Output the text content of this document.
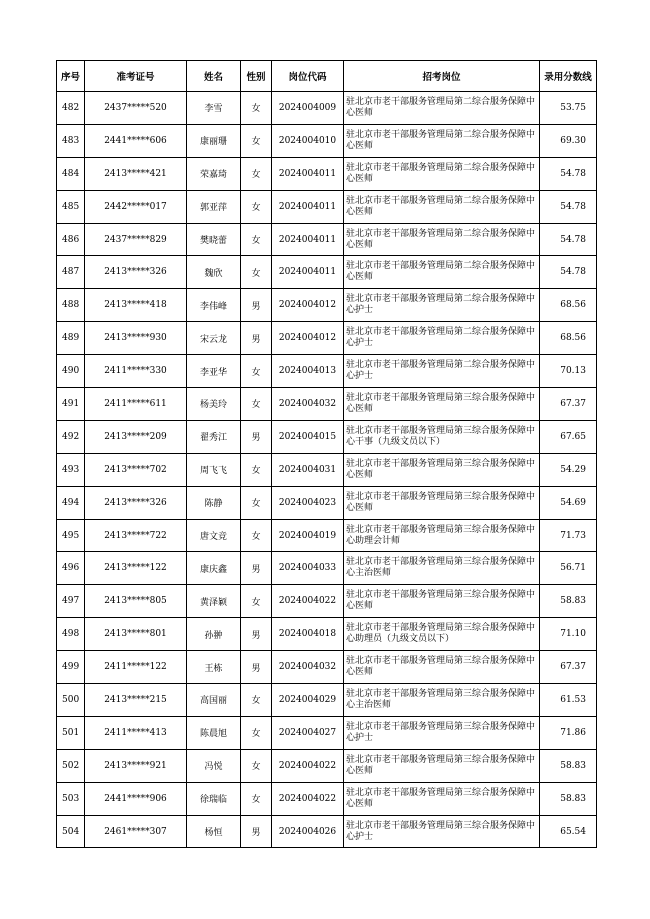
序号	准考证号	姓名	性别	岗位代码	招考岗位	录用分数线
482	2437*****520	李雪	女	2024004009	驻北京市老干部服务管理局第二综合服务保障中心医师	53.75
483	2441*****606	康丽珊	女	2024004010	驻北京市老干部服务管理局第二综合服务保障中心医师	69.30
484	2413*****421	荣嘉琦	女	2024004011	驻北京市老干部服务管理局第二综合服务保障中心医师	54.78
485	2442*****017	郭亚萍	女	2024004011	驻北京市老干部服务管理局第二综合服务保障中心医师	54.78
486	2437*****829	樊晓蕾	女	2024004011	驻北京市老干部服务管理局第二综合服务保障中心医师	54.78
487	2413*****326	魏欣	女	2024004011	驻北京市老干部服务管理局第二综合服务保障中心医师	54.78
488	2413*****418	李伟峰	男	2024004012	驻北京市老干部服务管理局第二综合服务保障中心护士	68.56
489	2413*****930	宋云龙	男	2024004012	驻北京市老干部服务管理局第二综合服务保障中心护士	68.56
490	2411*****330	李亚华	女	2024004013	驻北京市老干部服务管理局第二综合服务保障中心护士	70.13
491	2411*****611	杨美玲	女	2024004032	驻北京市老干部服务管理局第三综合服务保障中心医师	67.37
492	2413*****209	翟秀江	男	2024004015	驻北京市老干部服务管理局第三综合服务保障中心干事（九级文员以下）	67.65
493	2413*****702	周飞飞	女	2024004031	驻北京市老干部服务管理局第三综合服务保障中心医师	54.29
494	2413*****326	陈静	女	2024004023	驻北京市老干部服务管理局第三综合服务保障中心医师	54.69
495	2413*****722	唐文竞	女	2024004019	驻北京市老干部服务管理局第三综合服务保障中心助理会计师	71.73
496	2413*****122	康庆鑫	男	2024004033	驻北京市老干部服务管理局第三综合服务保障中心主治医师	56.71
497	2413*****805	黄泽颖	女	2024004022	驻北京市老干部服务管理局第三综合服务保障中心医师	58.83
498	2413*****801	孙翀	男	2024004018	驻北京市老干部服务管理局第三综合服务保障中心助理员（九级文员以下）	71.10
499	2411*****122	王栋	男	2024004032	驻北京市老干部服务管理局第三综合服务保障中心医师	67.37
500	2413*****215	高国丽	女	2024004029	驻北京市老干部服务管理局第三综合服务保障中心主治医师	61.53
501	2411*****413	陈晨旭	女	2024004027	驻北京市老干部服务管理局第三综合服务保障中心护士	71.86
502	2413*****921	冯悦	女	2024004022	驻北京市老干部服务管理局第三综合服务保障中心医师	58.83
503	2441*****906	徐瑞临	女	2024004022	驻北京市老干部服务管理局第三综合服务保障中心医师	58.83
504	2461*****307	杨恒	男	2024004026	驻北京市老干部服务管理局第三综合服务保障中心护士	65.54
